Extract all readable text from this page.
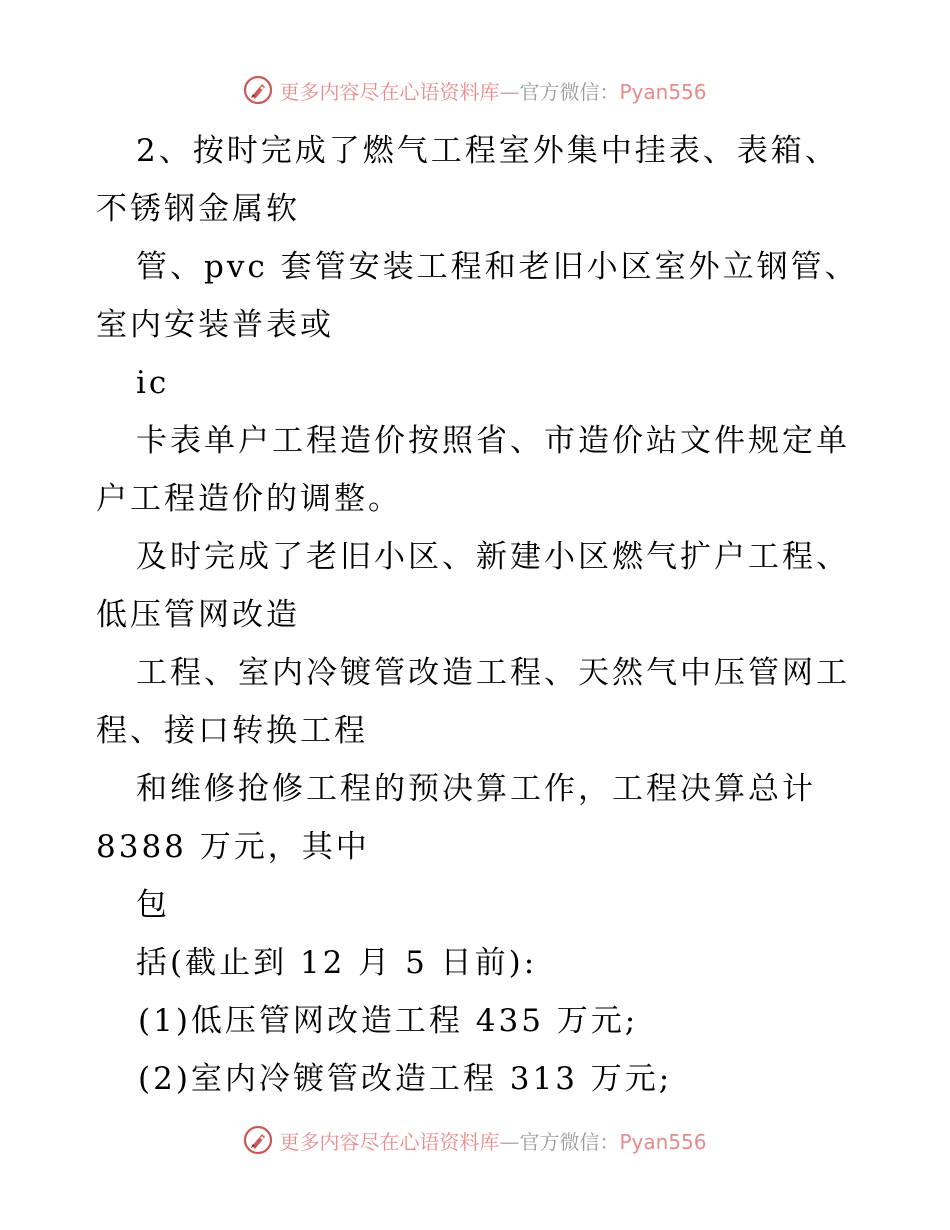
更多内容尽在心语资料库—官方微信：Pyan556
2、按时完成了燃气工程室外集中挂表、表箱、
不锈钢金属软
管、pvc 套管安装工程和老旧小区室外立钢管、
室内安装普表或
ic
卡表单户工程造价按照省、市造价站文件规定单
户工程造价的调整。
及时完成了老旧小区、新建小区燃气扩户工程、
低压管网改造
工程、室内冷镀管改造工程、天然气中压管网工
程、接口转换工程
和维修抢修工程的预决算工作，工程决算总计
8388 万元，其中
包
括(截止到 12 月 5 日前):
(1)低压管网改造工程 435 万元;
(2)室内冷镀管改造工程 313 万元;
更多内容尽在心语资料库—官方微信：Pyan556
